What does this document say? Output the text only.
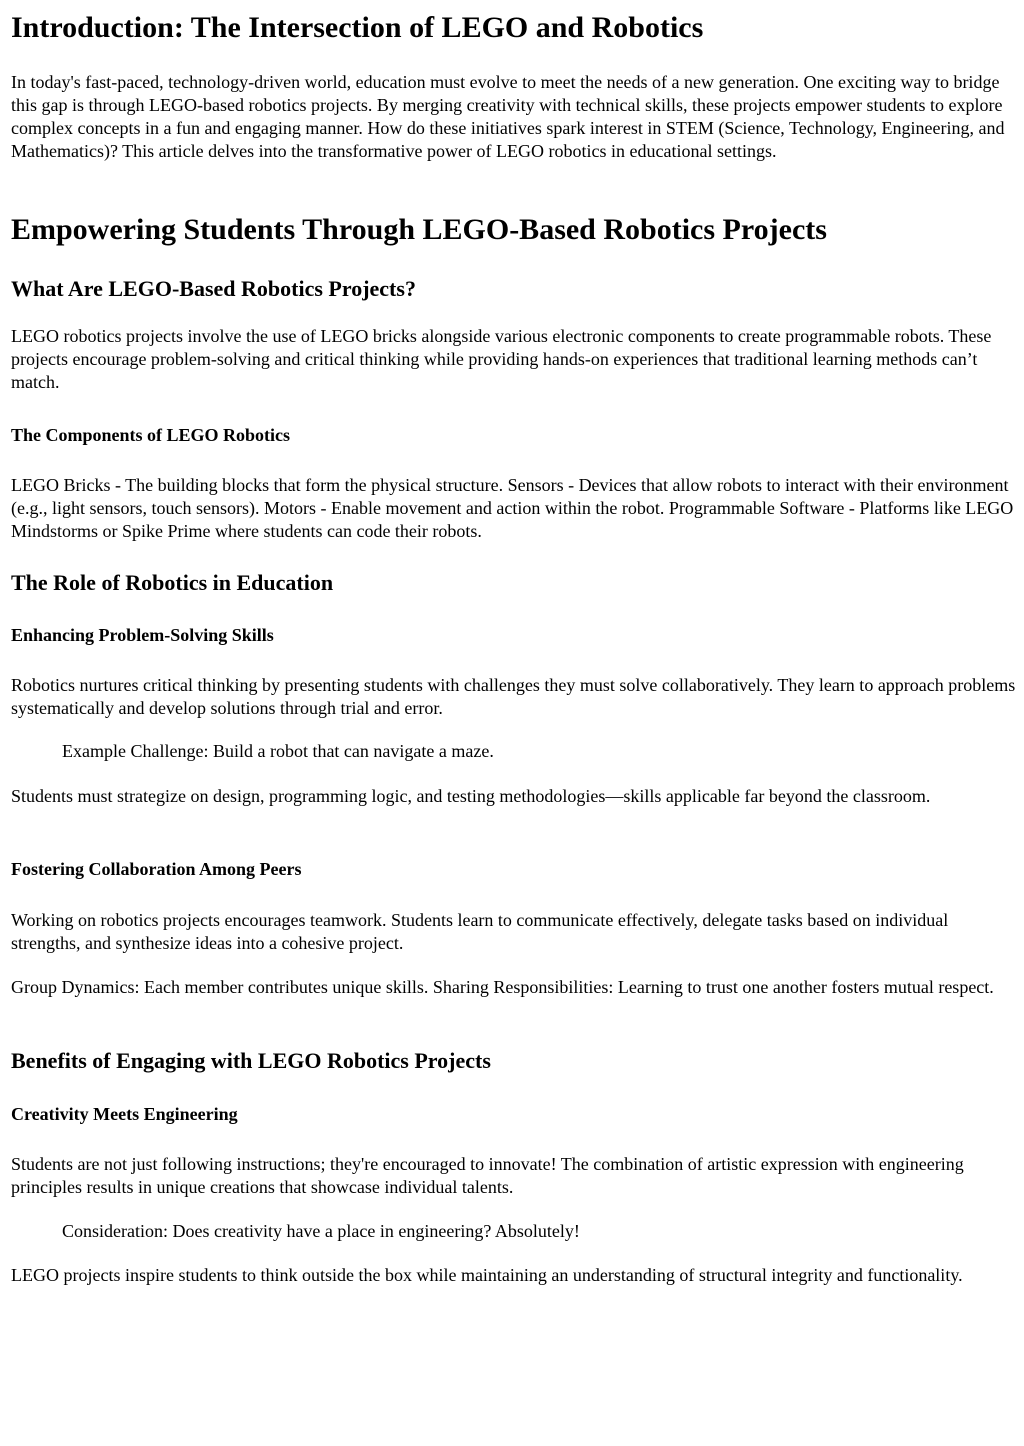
Introduction: The Intersection of LEGO and Robotics

In today's fast-paced, technology-driven world, education must evolve to meet the needs of a new generation. One exciting way to bridge this gap is through LEGO-based robotics projects. By merging creativity with technical skills, these projects empower students to explore complex concepts in a fun and engaging manner. How do these initiatives spark interest in STEM (Science, Technology, Engineering, and Mathematics)? This article delves into the transformative power of LEGO robotics in educational settings.

Empowering Students Through LEGO-Based Robotics Projects
What Are LEGO-Based Robotics Projects?

LEGO robotics projects involve the use of LEGO bricks alongside various electronic components to create programmable robots. These projects encourage problem-solving and critical thinking while providing hands-on experiences that traditional learning methods can’t match.

The Components of LEGO Robotics

LEGO Bricks - The building blocks that form the physical structure. Sensors - Devices that allow robots to interact with their environment (e.g., light sensors, touch sensors). Motors - Enable movement and action within the robot. Programmable Software - Platforms like LEGO Mindstorms or Spike Prime where students can code their robots.

The Role of Robotics in Education
Enhancing Problem-Solving Skills

Robotics nurtures critical thinking by presenting students with challenges they must solve collaboratively. They learn to approach problems systematically and develop solutions through trial and error.

Example Challenge: Build a robot that can navigate a maze.

Students must strategize on design, programming logic, and testing methodologies—skills applicable far beyond the classroom.

Fostering Collaboration Among Peers

Working on robotics projects encourages teamwork. Students learn to communicate effectively, delegate tasks based on individual strengths, and synthesize ideas into a cohesive project.

Group Dynamics: Each member contributes unique skills. Sharing Responsibilities: Learning to trust one another fosters mutual respect.

Benefits of Engaging with LEGO Robotics Projects
Creativity Meets Engineering

Students are not just following instructions; they're encouraged to innovate! The combination of artistic expression with engineering principles results in unique creations that showcase individual talents.

Consideration: Does creativity have a place in engineering? Absolutely!

LEGO projects inspire students to think outside the box while maintaining an understanding of structural integrity and functionality.
